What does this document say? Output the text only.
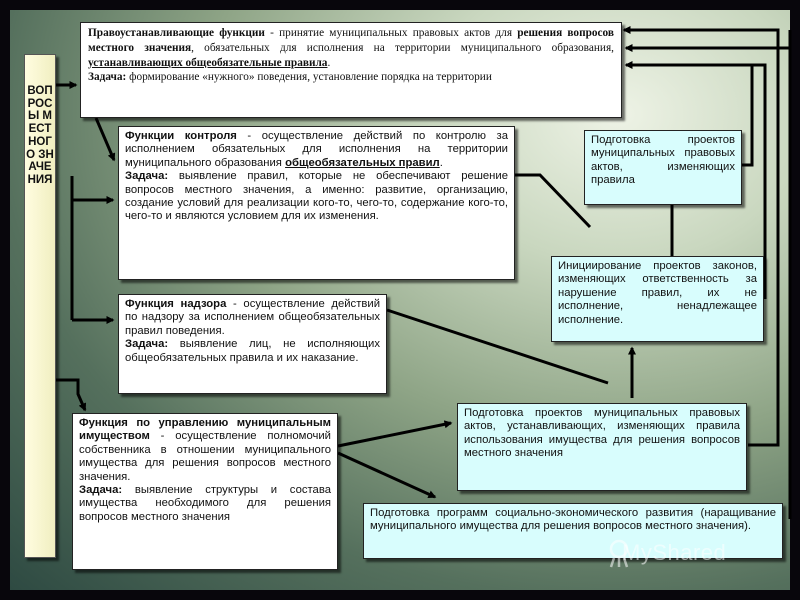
ВОПРОСЫ МЕСТНОГО ЗНАЧЕНИЯ
Правоустанавливающие функции - принятие муниципальных правовых актов для решения вопросов местного значения, обязательных для исполнения на территории муниципального образования, устанавливающих общеобязательные правила.
Задача: формирование «нужного» поведения, установление порядка на территории
Функции контроля - осуществление действий по контролю за исполнением обязательных для исполнения на территории муниципального образования общеобязательных правил.
Задача: выявление правил, которые не обеспечивают решение вопросов местного значения, а именно: развитие, организацию, создание условий для реализации кого-то, чего-то, содержание кого-то, чего-то и являются условием для их изменения.
Функция надзора - осуществление действий по надзору за исполнением общеобязательных правил поведения.
Задача: выявление лиц, не исполняющих общеобязательных правила и их наказание.
Функция по управлению муниципальным имуществом - осуществление полномочий собственника в отношении муниципального имущества для решения вопросов местного значения.
Задача: выявление структуры и состава имущества необходимого для решения вопросов местного значения
Подготовка проектов муниципальных правовых актов, изменяющих правила
Инициирование проектов законов, изменяющих ответственность за нарушение правил, их не исполнение, ненадлежащее исполнение.
Подготовка проектов муниципальных правовых актов, устанавливающих, изменяющих правила использования имущества для решения вопросов местного значения
Подготовка программ социально-экономического развития (наращивание муниципального имущества для решения вопросов местного значения).
MyShared
